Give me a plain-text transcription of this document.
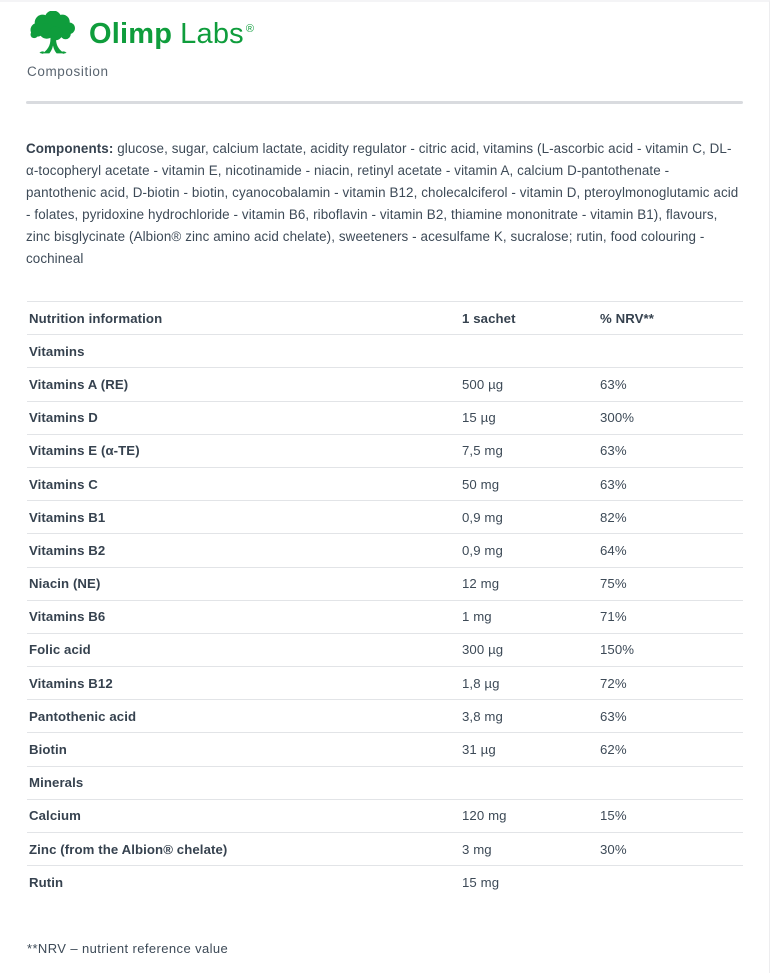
Olimp Labs ®
Composition

Components: glucose, sugar, calcium lactate, acidity regulator - citric acid, vitamins (L-ascorbic acid - vitamin C, DL-α-tocopheryl acetate - vitamin E, nicotinamide - niacin, retinyl acetate - vitamin A, calcium D-pantothenate - pantothenic acid, D-biotin - biotin, cyanocobalamin - vitamin B12, cholecalciferol - vitamin D, pteroylmonoglutamic acid - folates, pyridoxine hydrochloride - vitamin B6, riboflavin - vitamin B2, thiamine mononitrate - vitamin B1), flavours, zinc bisglycinate (Albion® zinc amino acid chelate), sweeteners - acesulfame K, sucralose; rutin, food colouring - cochineal

Nutrition information	1 sachet	% NRV**
Vitamins
Vitamins A (RE)	500 µg	63%
Vitamins D	15 µg	300%
Vitamins E (α-TE)	7,5 mg	63%
Vitamins C	50 mg	63%
Vitamins B1	0,9 mg	82%
Vitamins B2	0,9 mg	64%
Niacin (NE)	12 mg	75%
Vitamins B6	1 mg	71%
Folic acid	300 µg	150%
Vitamins B12	1,8 µg	72%
Pantothenic acid	3,8 mg	63%
Biotin	31 µg	62%
Minerals
Calcium	120 mg	15%
Zinc (from the Albion® chelate)	3 mg	30%
Rutin	15 mg
**NRV – nutrient reference value
